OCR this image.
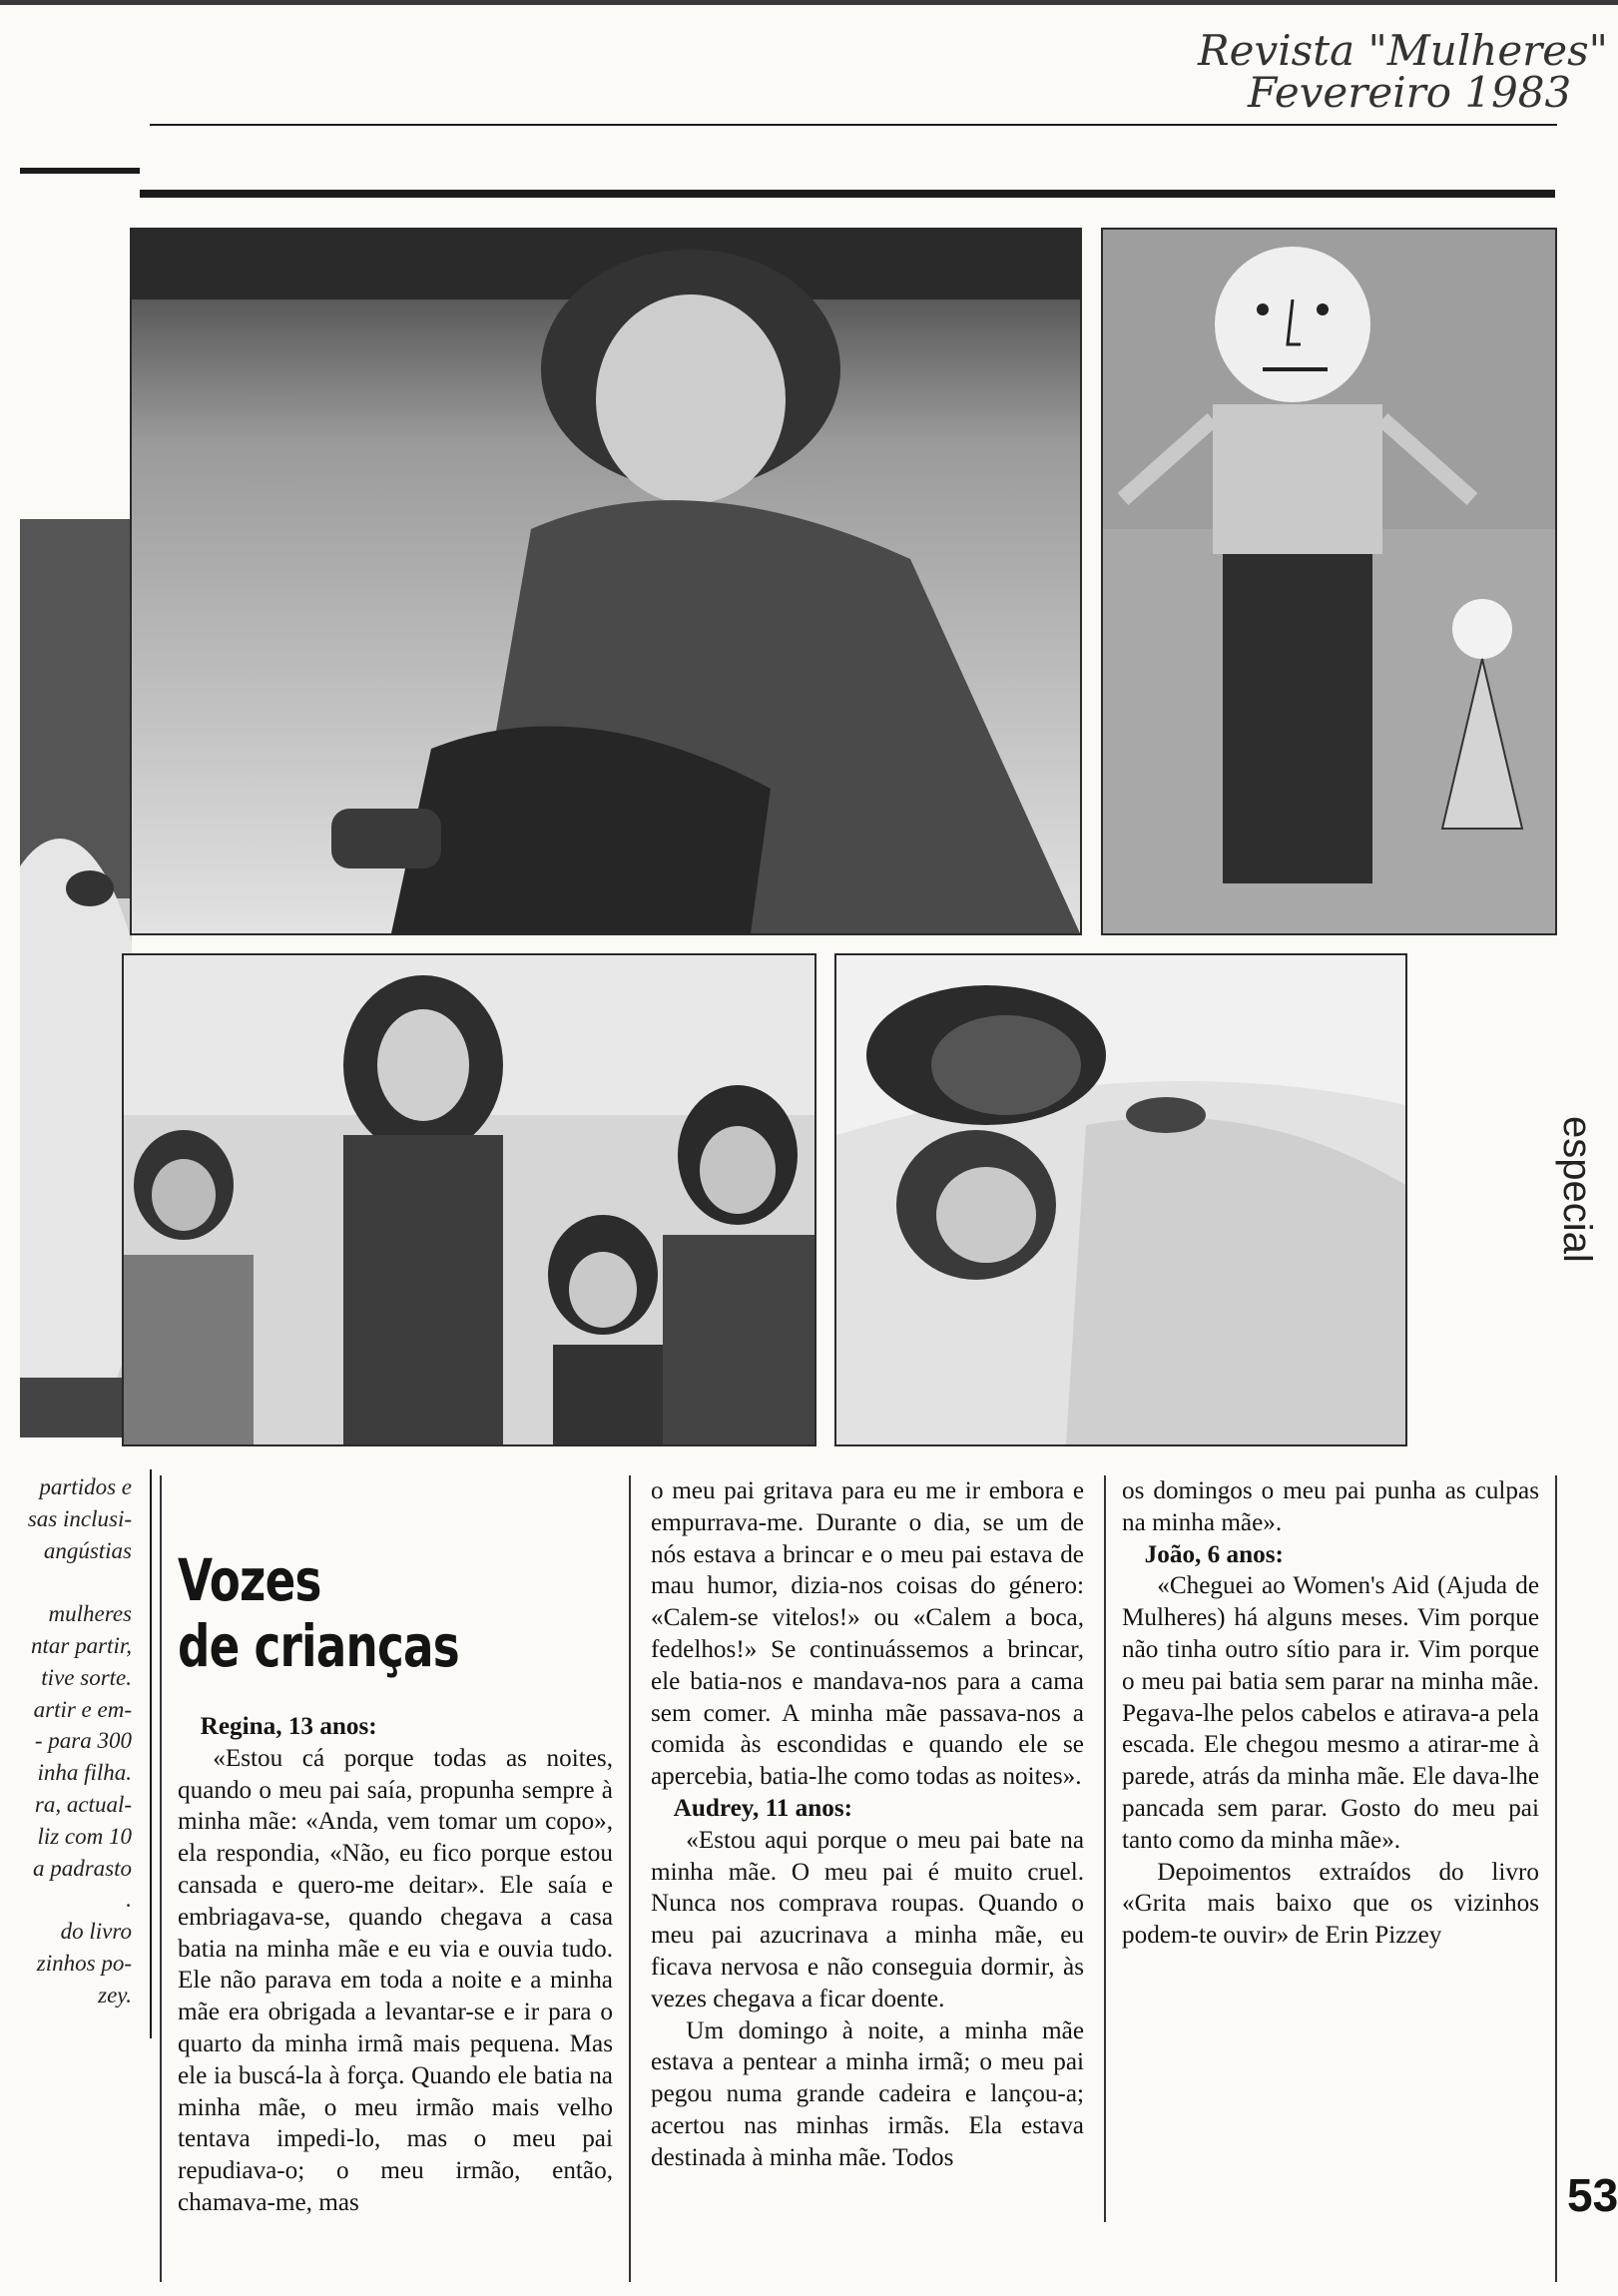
Revista "Mulheres"
Fevereiro 1983
especial
partidos e
sas inclusi-
angústias
mulheres
ntar partir,
tive sorte.
artir e em-
- para 300
inha filha.
ra, actual-
liz com 10
a padrasto
.
do livro
zinhos po-
zey.
Vozes
de crianças

Regina, 13 anos:

«Estou cá porque todas as noites, quando o meu pai saía, propunha sempre à minha mãe: «Anda, vem tomar um copo», ela respondia, «Não, eu fico porque estou cansada e quero-me deitar». Ele saía e embriagava-se, quando chegava a casa batia na minha mãe e eu via e ouvia tudo. Ele não parava em toda a noite e a minha mãe era obrigada a levantar-se e ir para o quarto da minha irmã mais pequena. Mas ele ia buscá-la à força. Quando ele batia na minha mãe, o meu irmão mais velho tentava impedi-lo, mas o meu pai repudiava-o; o meu irmão, então, chamava-me, mas

o meu pai gritava para eu me ir embora e empurrava-me. Durante o dia, se um de nós estava a brincar e o meu pai estava de mau humor, dizia-nos coisas do género: «Calem-se vitelos!» ou «Calem a boca, fedelhos!» Se continuássemos a brincar, ele batia-nos e mandava-nos para a cama sem comer. A minha mãe passava-nos a comida às escondidas e quando ele se apercebia, batia-lhe como todas as noites».

Audrey, 11 anos:

«Estou aqui porque o meu pai bate na minha mãe. O meu pai é muito cruel. Nunca nos comprava roupas. Quando o meu pai azucrinava a minha mãe, eu ficava nervosa e não conseguia dormir, às vezes chegava a ficar doente.

Um domingo à noite, a minha mãe estava a pentear a minha irmã; o meu pai pegou numa grande cadeira e lançou-a; acertou nas minhas irmãs. Ela estava destinada à minha mãe. Todos

os domingos o meu pai punha as culpas na minha mãe».

João, 6 anos:

«Cheguei ao Women's Aid (Ajuda de Mulheres) há alguns meses. Vim porque não tinha outro sítio para ir. Vim porque o meu pai batia sem parar na minha mãe. Pegava-lhe pelos cabelos e atirava-a pela escada. Ele chegou mesmo a atirar-me à parede, atrás da minha mãe. Ele dava-lhe pancada sem parar. Gosto do meu pai tanto como da minha mãe».

Depoimentos extraídos do livro «Grita mais baixo que os vizinhos podem-te ouvir» de Erin Pizzey

53
